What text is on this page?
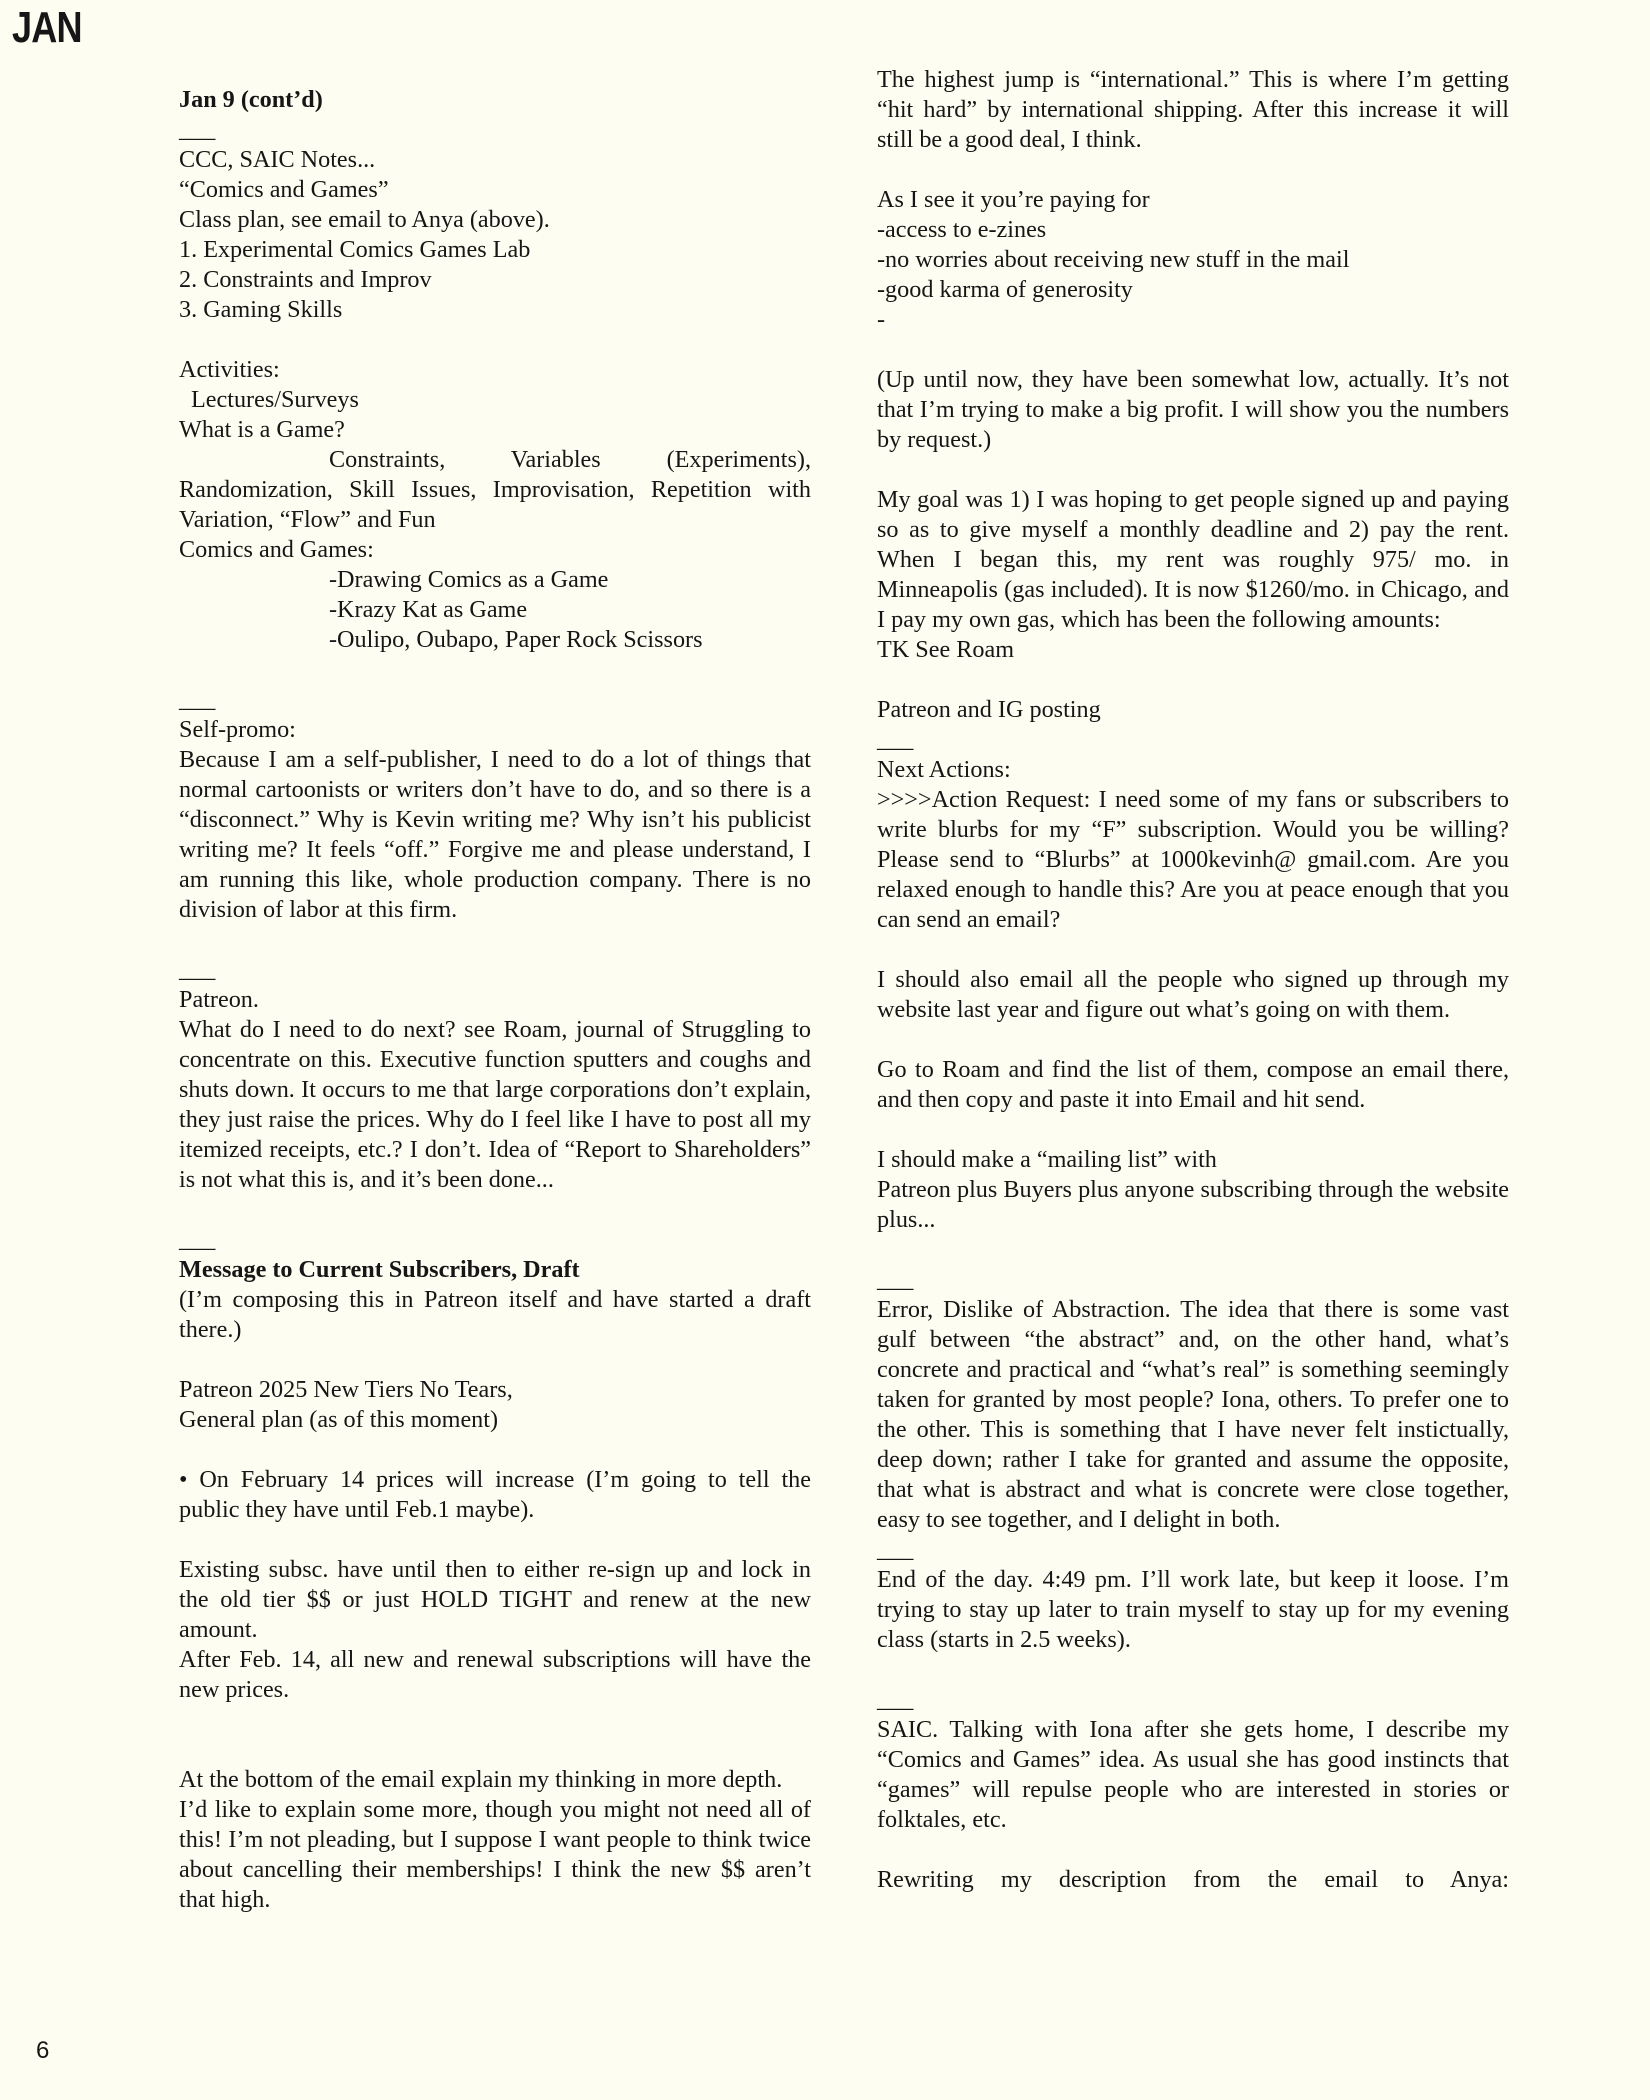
JAN

Jan 9 (cont’d)

___

CCC, SAIC Notes...

“Comics and Games”

Class plan, see email to Anya (above).

1. Experimental Comics Games Lab

2. Constraints and Improv

3. Gaming Skills

Activities:

Lectures/Surveys

What is a Game?

Constraints, Variables (Experiments), Randomization, Skill Issues, Improvisation, Repetition with Variation, “Flow” and Fun

Comics and Games:

-Drawing Comics as a Game

-Krazy Kat as Game

-Oulipo, Oubapo, Paper Rock Scissors

___

Self-promo:

Because I am a self-publisher, I need to do a lot of things that normal cartoonists or writers don’t have to do, and so there is a “disconnect.” Why is Kevin writing me? Why isn’t his publicist writing me? It feels “off.” Forgive me and please understand, I am running this like, whole production company. There is no division of labor at this firm.

___

Patreon.

What do I need to do next? see Roam, journal of Struggling to concentrate on this. Executive function sputters and coughs and shuts down. It occurs to me that large corporations don’t explain, they just raise the prices. Why do I feel like I have to post all my itemized receipts, etc.? I don’t. Idea of “Report to Shareholders” is not what this is, and it’s been done...

___

Message to Current Subscribers, Draft

(I’m composing this in Patreon itself and have started a draft there.)

Patreon 2025 New Tiers No Tears,

General plan (as of this moment)

• On February 14 prices will increase (I’m going to tell the public they have until Feb.1 maybe).

Existing subsc. have until then to either re-sign up and lock in the old tier $$ or just HOLD TIGHT and renew at the new amount.

After Feb. 14, all new and renewal subscriptions will have the new prices.

At the bottom of the email explain my thinking in more depth.

I’d like to explain some more, though you might not need all of this! I’m not pleading, but I suppose I want people to think twice about cancelling their memberships! I think the new $$ aren’t that high.

The highest jump is “international.” This is where I’m getting “hit hard” by international shipping. After this increase it will still be a good deal, I think.

As I see it you’re paying for

-access to e-zines

-no worries about receiving new stuff in the mail

-good karma of generosity

-

(Up until now, they have been somewhat low, actually. It’s not that I’m trying to make a big profit. I will show you the numbers by request.)

My goal was 1) I was hoping to get people signed up and paying so as to give myself a monthly deadline and 2) pay the rent. When I began this, my rent was roughly 975/ mo. in Minneapolis (gas included). It is now $1260/mo. in Chicago, and I pay my own gas, which has been the following amounts:

TK See Roam

Patreon and IG posting

___

Next Actions:

>>>>Action Request: I need some of my fans or subscribers to write blurbs for my “F” subscription. Would you be willing? Please send to “Blurbs” at 1000kevinh@ gmail.com. Are you relaxed enough to handle this? Are you at peace enough that you can send an email?

I should also email all the people who signed up through my website last year and figure out what’s going on with them.

Go to Roam and find the list of them, compose an email there, and then copy and paste it into Email and hit send.

I should make a “mailing list” with

Patreon plus Buyers plus anyone subscribing through the website plus...

___

Error, Dislike of Abstraction. The idea that there is some vast gulf between “the abstract” and, on the other hand, what’s concrete and practical and “what’s real” is something seemingly taken for granted by most people? Iona, others. To prefer one to the other. This is something that I have never felt instictually, deep down; rather I take for granted and assume the opposite, that what is abstract and what is concrete were close together, easy to see together, and I delight in both.

___

End of the day. 4:49 pm. I’ll work late, but keep it loose. I’m trying to stay up later to train myself to stay up for my evening class (starts in 2.5 weeks).

___

SAIC. Talking with Iona after she gets home, I describe my “Comics and Games” idea. As usual she has good instincts that “games” will repulse people who are interested in stories or folktales, etc.

Rewriting my description from the email to Anya:

6
